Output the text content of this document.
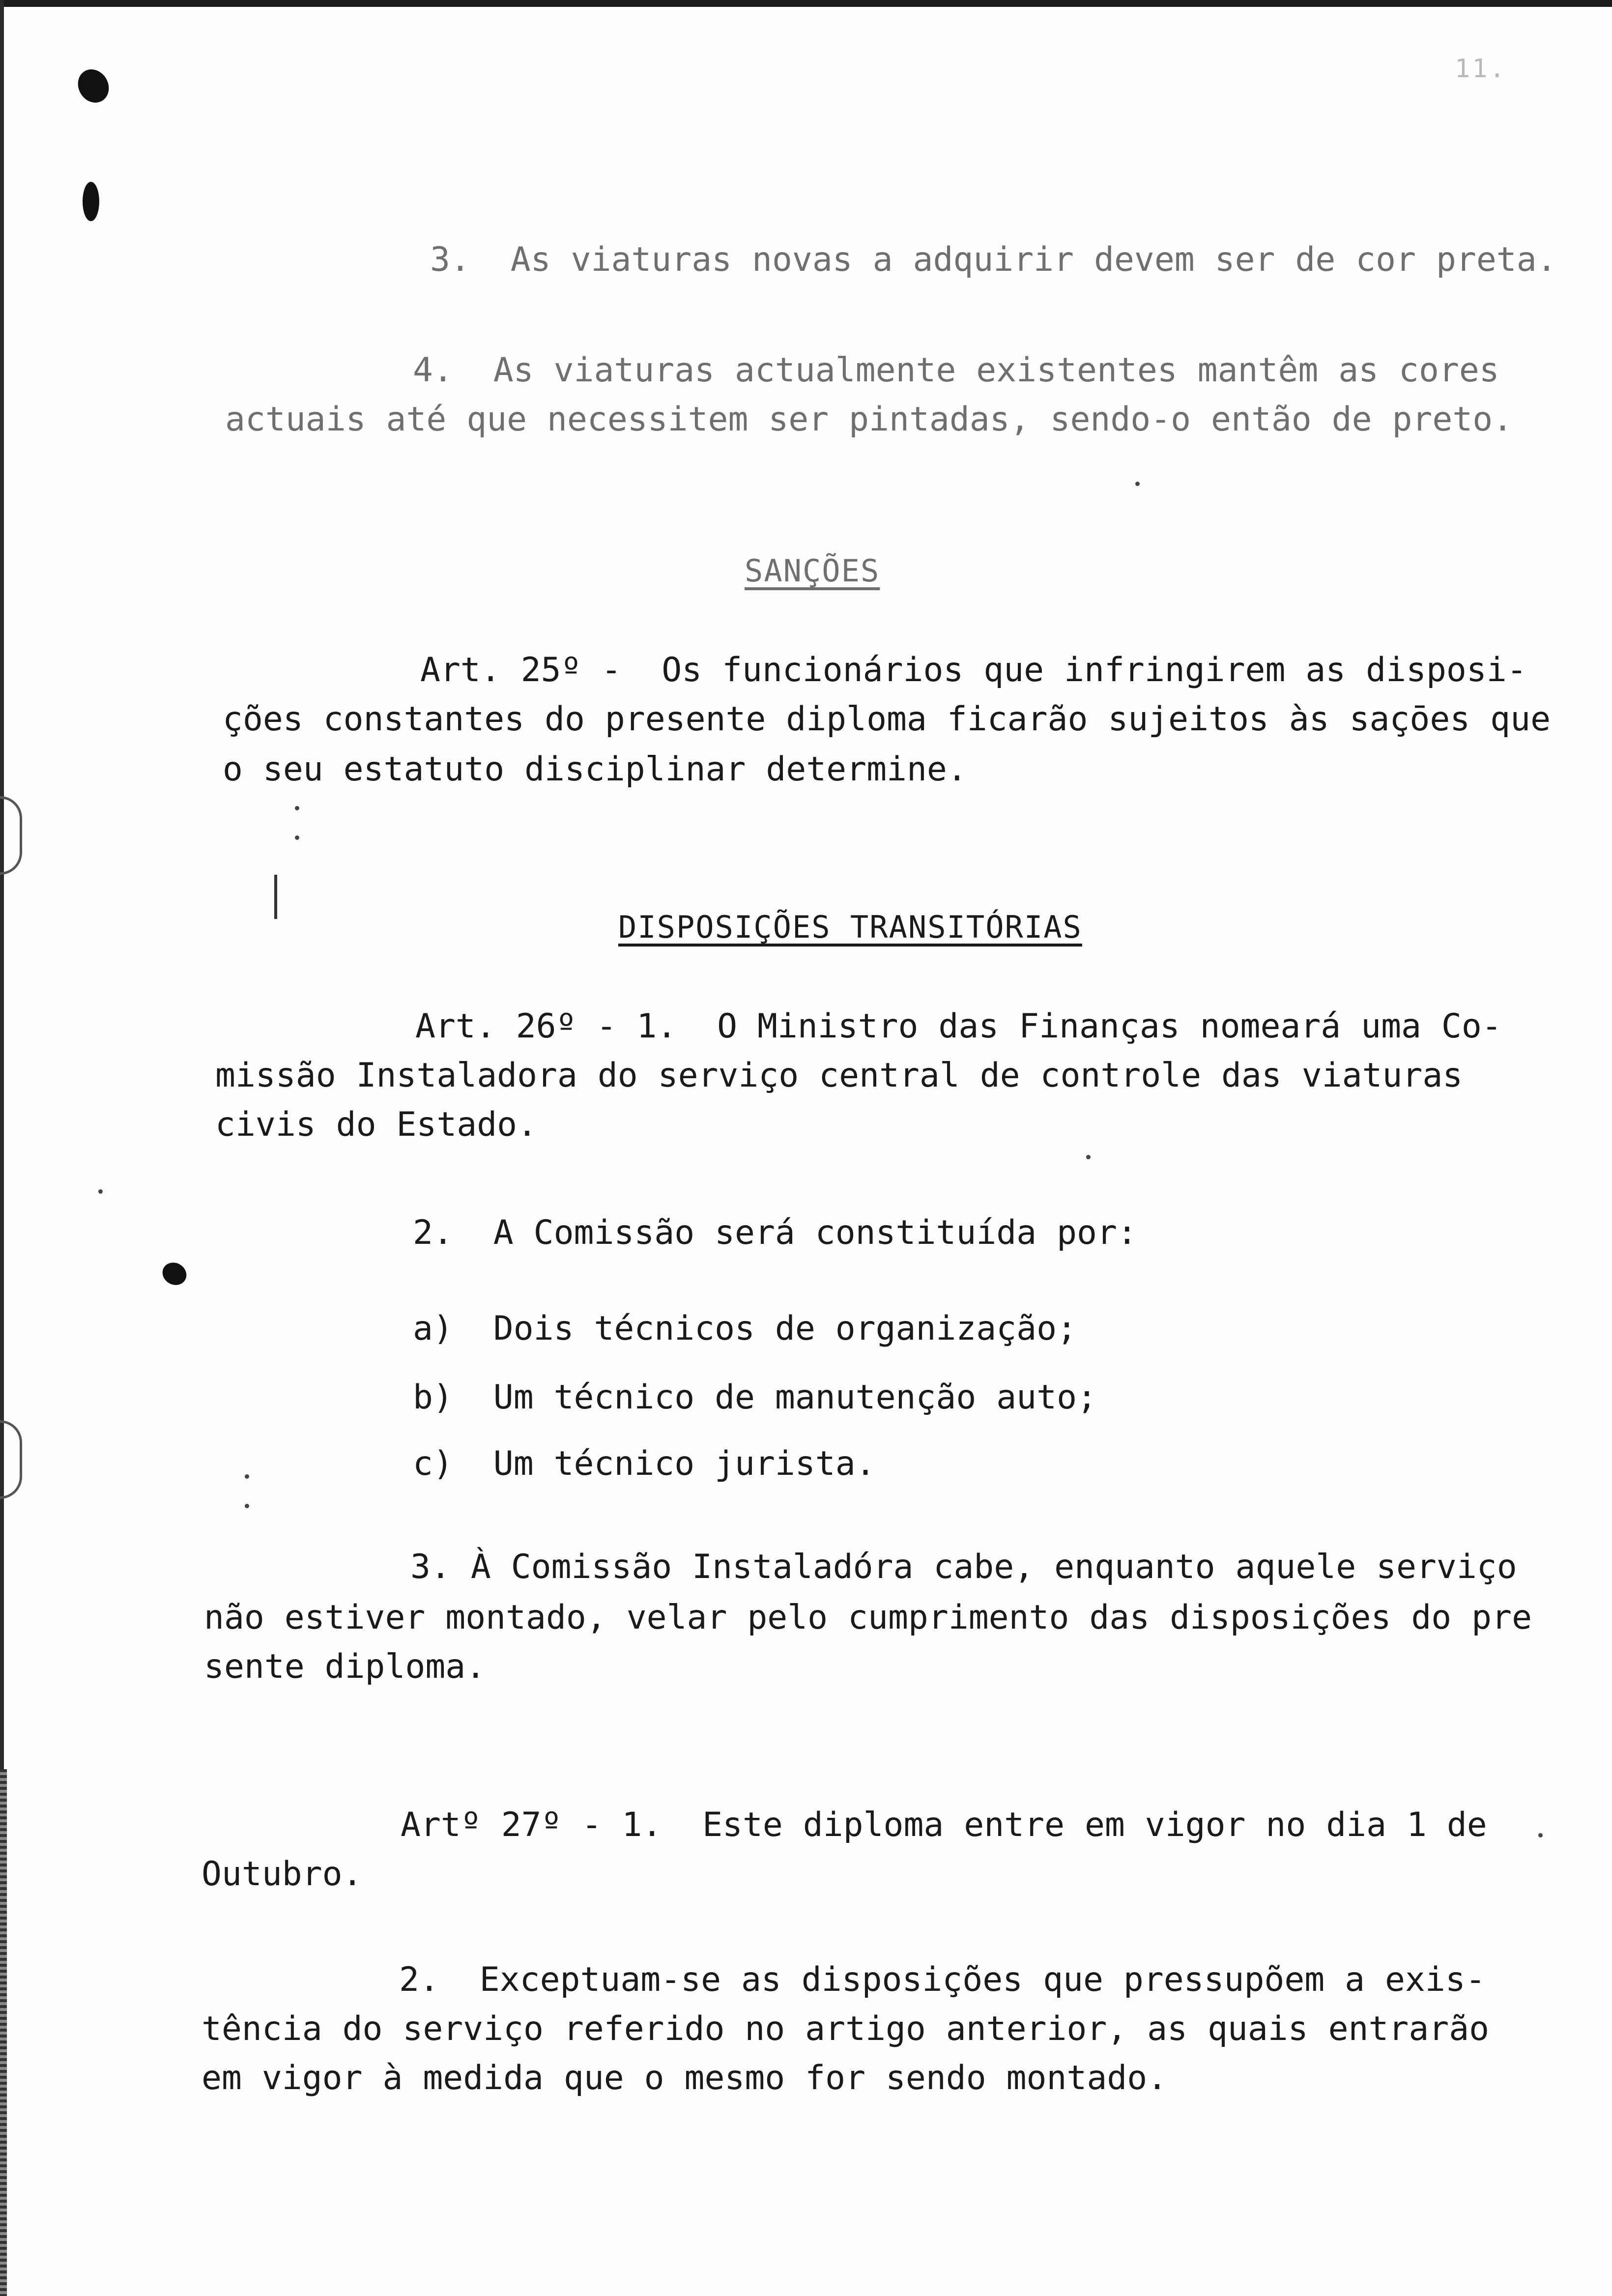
11.
3.  As viaturas novas a adquirir devem ser de cor preta.
4.  As viaturas actualmente existentes mantêm as cores
actuais até que necessitem ser pintadas, sendo-o então de preto.
SANÇÕES
Art. 25º -  Os funcionários que infringirem as disposi-
ções constantes do presente diploma ficarão sujeitos às saçōes que
o seu estatuto disciplinar determine.
DISPOSIÇÕES TRANSITÓRIAS
Art. 26º - 1.  O Ministro das Finanças nomeará uma Co-
missão Instaladora do serviço central de controle das viaturas
civis do Estado.
2.  A Comissão será constituída por:
a)  Dois técnicos de organização;
b)  Um técnico de manutenção auto;
c)  Um técnico jurista.
3. À Comissão Instaladóra cabe, enquanto aquele serviço
não estiver montado, velar pelo cumprimento das disposições do pre
sente diploma.
Artº 27º - 1.  Este diploma entre em vigor no dia 1 de
Outubro.
2.  Exceptuam-se as disposições que pressupõem a exis-
tência do serviço referido no artigo anterior, as quais entrarão
em vigor à medida que o mesmo for sendo montado.
